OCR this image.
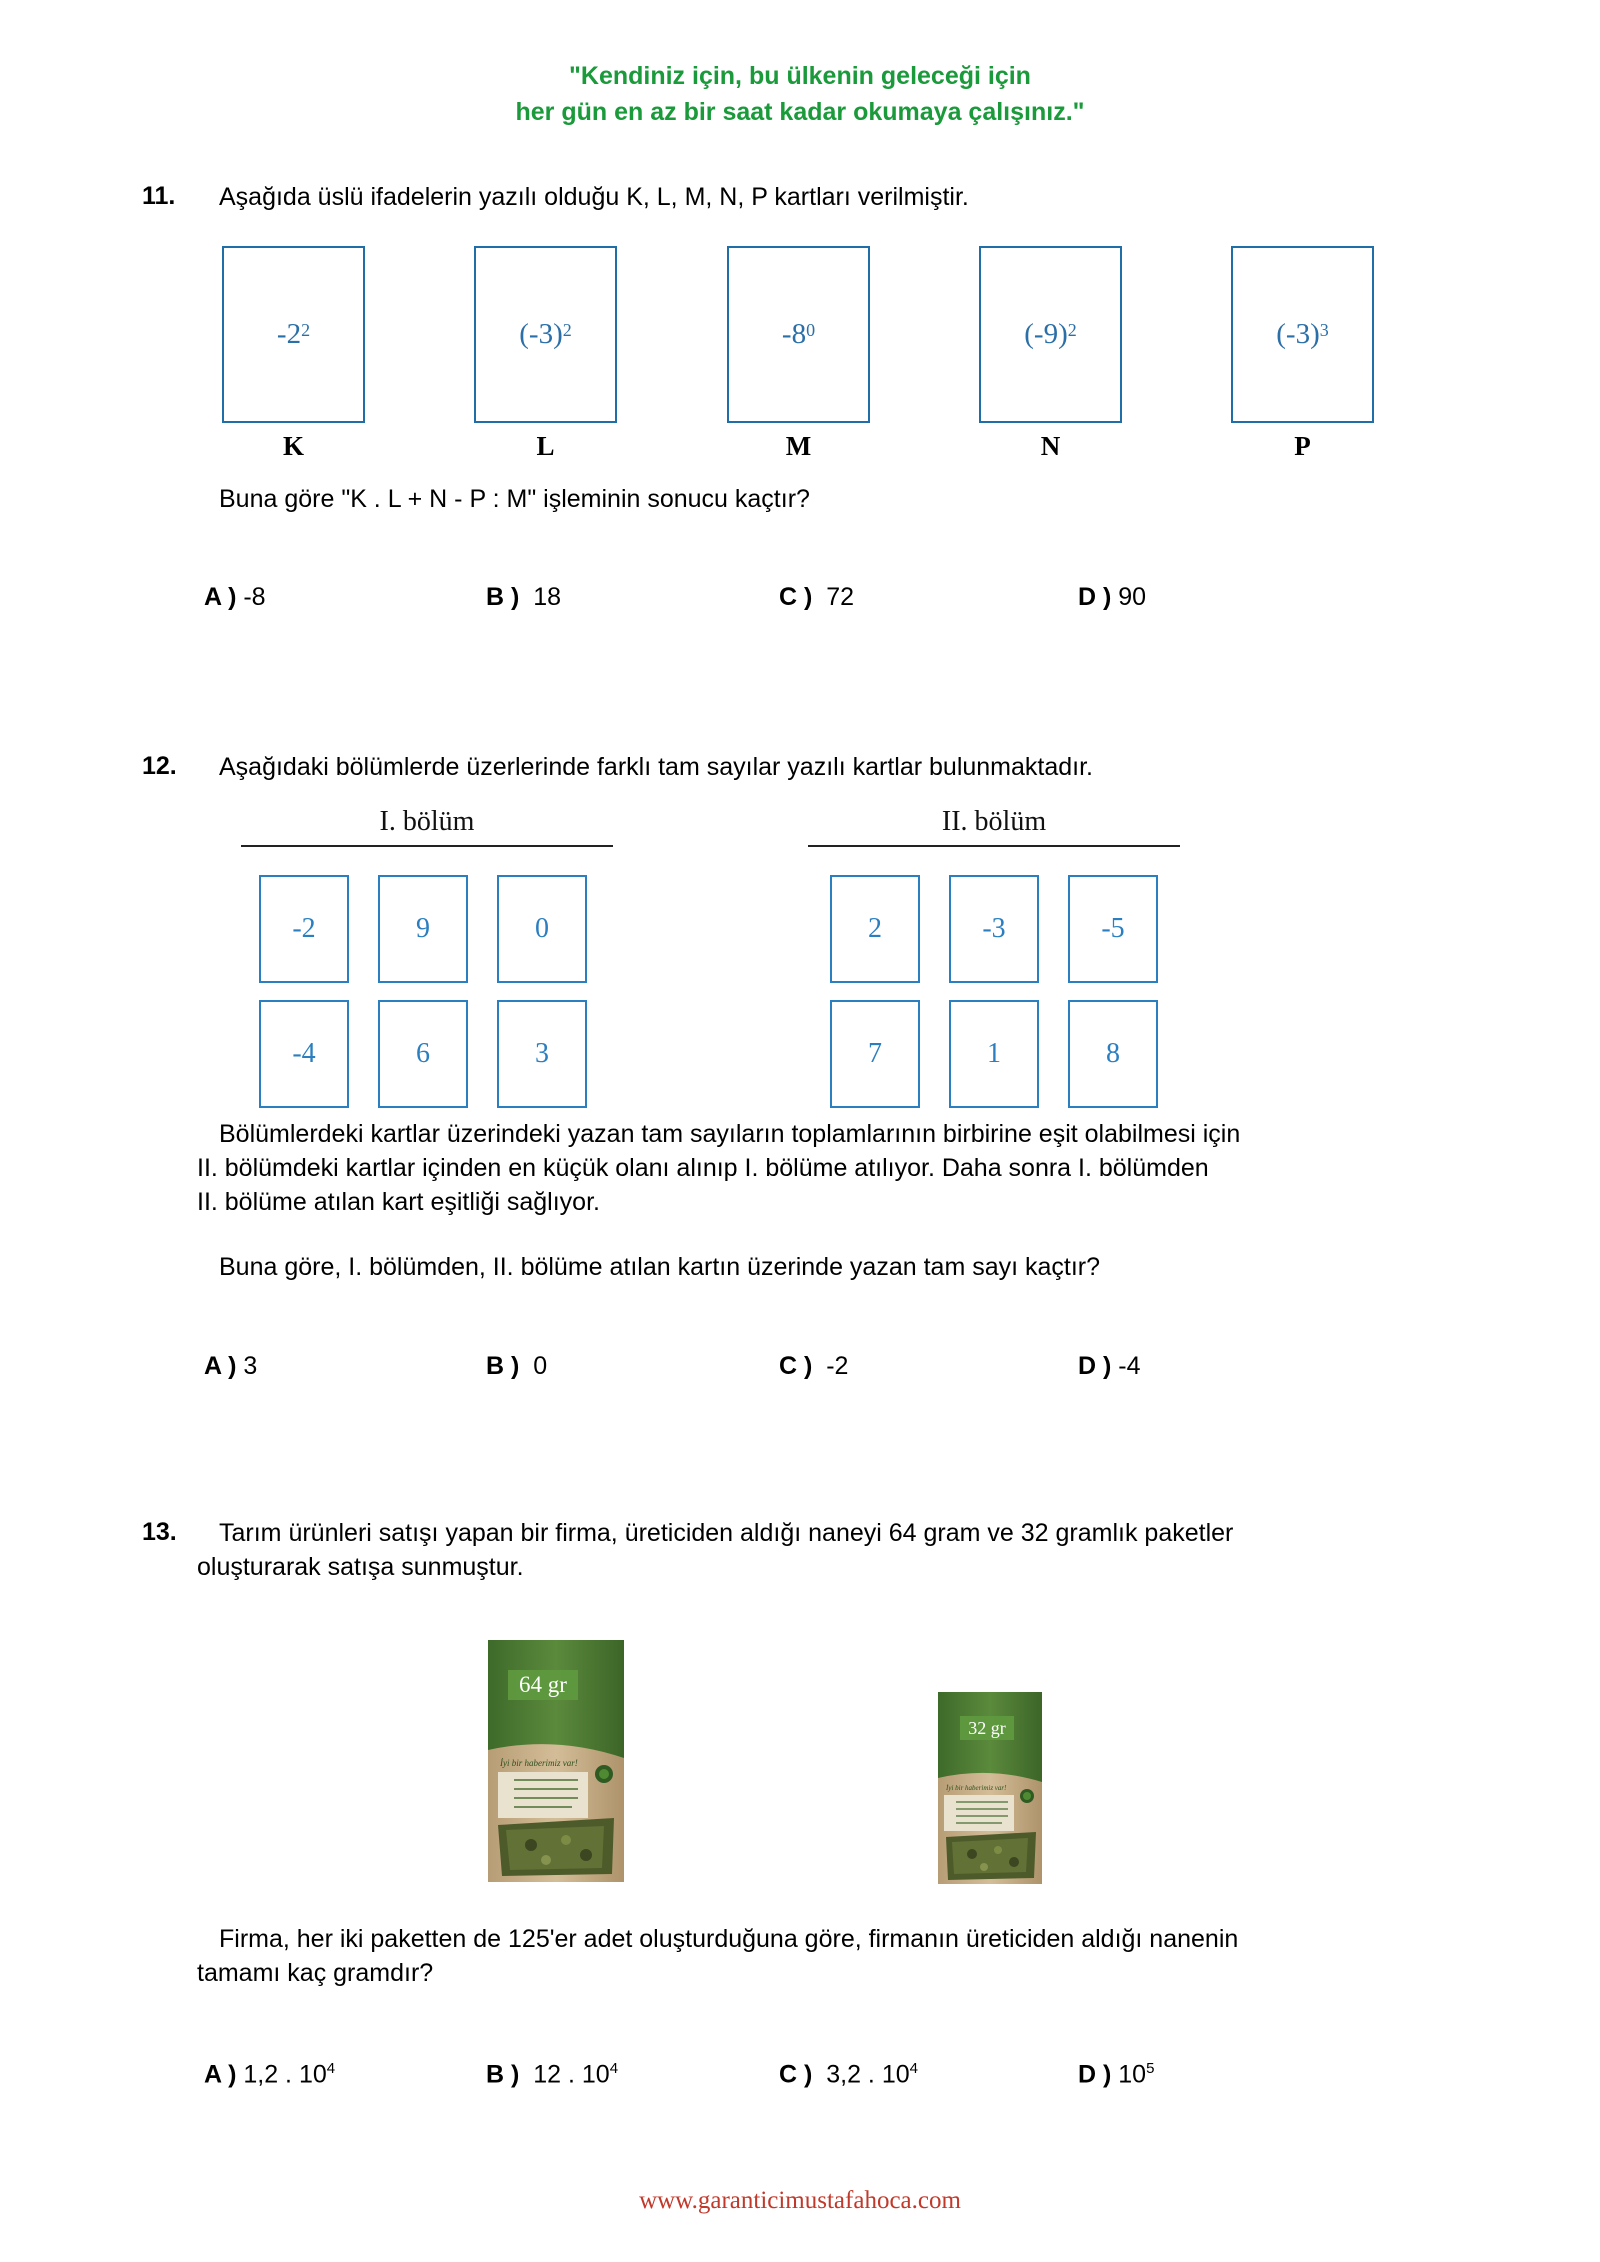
"Kendiniz için, bu ülkenin geleceği için
her gün en az bir saat kadar okumaya çalışınız."
11. Aşağıda üslü ifadelerin yazılı olduğu K, L, M, N, P kartları verilmiştir.
$-2^2$	$(-3)^2$	$-8^0$	$(-9)^2$	$(-3)^3$
K	L	M	N	P
Buna göre "K . L + N - P : M" işleminin sonucu kaçtır?
A ) -8	B ) 18	C ) 72	D ) 90
12. Aşağıdaki bölümlerde üzerlerinde farklı tam sayılar yazılı kartlar bulunmaktadır.
I. bölüm	II. bölüm
-2	9	0
-4	6	3
2	-3	-5
7	1	8
Bölümlerdeki kartlar üzerindeki yazan tam sayıların toplamlarının birbirine eşit olabilmesi için
II. bölümdeki kartlar içinden en küçük olanı alınıp I. bölüme atılıyor. Daha sonra I. bölümden
II. bölüme atılan kart eşitliği sağlıyor.
Buna göre, I. bölümden, II. bölüme atılan kartın üzerinde yazan tam sayı kaçtır?
A ) 3	B ) 0	C ) -2	D ) -4
13. Tarım ürünleri satışı yapan bir firma, üreticiden aldığı naneyi 64 gram ve 32 gramlık paketler
oluşturarak satışa sunmuştur.
64 gr
İyi bir haberimiz var!
32 gr
İyi bir haberimiz var!
Firma, her iki paketten de 125'er adet oluşturduğuna göre, firmanın üreticiden aldığı nanenin
tamamı kaç gramdır?
A ) 1,2 . $10^4$	B ) 12 . $10^4$	C ) 3,2 . $10^4$	D ) $10^5$
www.garanticimustafahoca.com
